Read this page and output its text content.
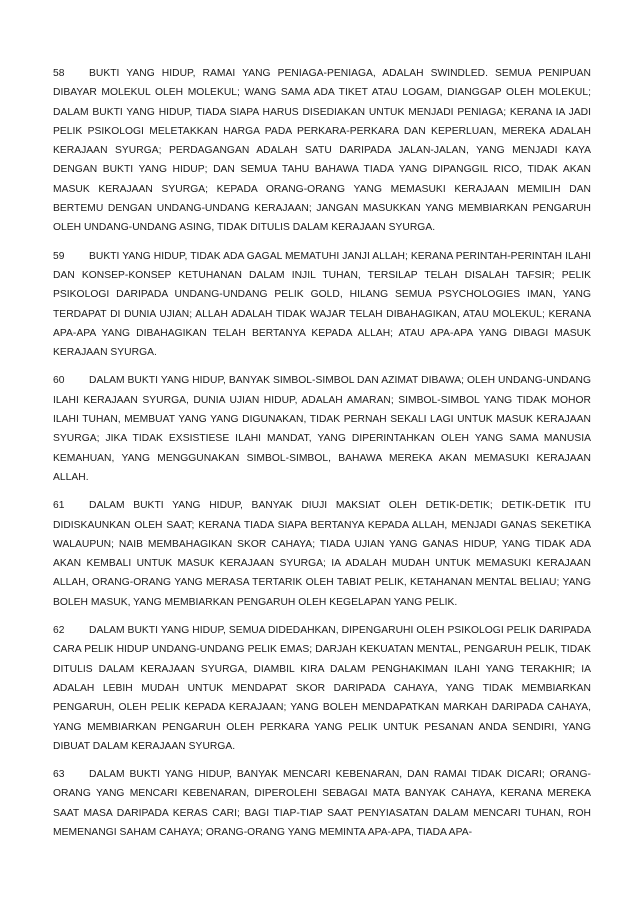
58 BUKTI YANG HIDUP, RAMAI YANG PENIAGA-PENIAGA, ADALAH SWINDLED. SEMUA PENIPUAN DIBAYAR MOLEKUL OLEH MOLEKUL; WANG SAMA ADA TIKET ATAU LOGAM, DIANGGAP OLEH MOLEKUL; DALAM BUKTI YANG HIDUP, TIADA SIAPA HARUS DISEDIAKAN UNTUK MENJADI PENIAGA; KERANA IA JADI PELIK PSIKOLOGI MELETAKKAN HARGA PADA PERKARA-PERKARA DAN KEPERLUAN, MEREKA ADALAH KERAJAAN SYURGA; PERDAGANGAN ADALAH SATU DARIPADA JALAN-JALAN, YANG MENJADI KAYA DENGAN BUKTI YANG HIDUP; DAN SEMUA TAHU BAHAWA TIADA YANG DIPANGGIL RICO, TIDAK AKAN MASUK KERAJAAN SYURGA; KEPADA ORANG-ORANG YANG MEMASUKI KERAJAAN MEMILIH DAN BERTEMU DENGAN UNDANG-UNDANG KERAJAAN; JANGAN MASUKKAN YANG MEMBIARKAN PENGARUH OLEH UNDANG-UNDANG ASING, TIDAK DITULIS DALAM KERAJAAN SYURGA.

59 BUKTI YANG HIDUP, TIDAK ADA GAGAL MEMATUHI JANJI ALLAH; KERANA PERINTAH-PERINTAH ILAHI DAN KONSEP-KONSEP KETUHANAN DALAM INJIL TUHAN, TERSILAP TELAH DISALAH TAFSIR; PELIK PSIKOLOGI DARIPADA UNDANG-UNDANG PELIK GOLD, HILANG SEMUA PSYCHOLOGIES IMAN, YANG TERDAPAT DI DUNIA UJIAN; ALLAH ADALAH TIDAK WAJAR TELAH DIBAHAGIKAN, ATAU MOLEKUL; KERANA APA-APA YANG DIBAHAGIKAN TELAH BERTANYA KEPADA ALLAH; ATAU APA-APA YANG DIBAGI MASUK KERAJAAN SYURGA.

60 DALAM BUKTI YANG HIDUP, BANYAK SIMBOL-SIMBOL DAN AZIMAT DIBAWA; OLEH UNDANG-UNDANG ILAHI KERAJAAN SYURGA, DUNIA UJIAN HIDUP, ADALAH AMARAN; SIMBOL-SIMBOL YANG TIDAK MOHOR ILAHI TUHAN, MEMBUAT YANG YANG DIGUNAKAN, TIDAK PERNAH SEKALI LAGI UNTUK MASUK KERAJAAN SYURGA; JIKA TIDAK EXSISTIESE ILAHI MANDAT, YANG DIPERINTAHKAN OLEH YANG SAMA MANUSIA KEMAHUAN, YANG MENGGUNAKAN SIMBOL-SIMBOL, BAHAWA MEREKA AKAN MEMASUKI KERAJAAN ALLAH.

61 DALAM BUKTI YANG HIDUP, BANYAK DIUJI MAKSIAT OLEH DETIK-DETIK; DETIK-DETIK ITU DIDISKAUNKAN OLEH SAAT; KERANA TIADA SIAPA BERTANYA KEPADA ALLAH, MENJADI GANAS SEKETIKA WALAUPUN; NAIB MEMBAHAGIKAN SKOR CAHAYA; TIADA UJIAN YANG GANAS HIDUP, YANG TIDAK ADA AKAN KEMBALI UNTUK MASUK KERAJAAN SYURGA; IA ADALAH MUDAH UNTUK MEMASUKI KERAJAAN ALLAH, ORANG-ORANG YANG MERASA TERTARIK OLEH TABIAT PELIK, KETAHANAN MENTAL BELIAU; YANG BOLEH MASUK, YANG MEMBIARKAN PENGARUH OLEH KEGELAPAN YANG PELIK.

62 DALAM BUKTI YANG HIDUP, SEMUA DIDEDAHKAN, DIPENGARUHI OLEH PSIKOLOGI PELIK DARIPADA CARA PELIK HIDUP UNDANG-UNDANG PELIK EMAS; DARJAH KEKUATAN MENTAL, PENGARUH PELIK, TIDAK DITULIS DALAM KERAJAAN SYURGA, DIAMBIL KIRA DALAM PENGHAKIMAN ILAHI YANG TERAKHIR; IA ADALAH LEBIH MUDAH UNTUK MENDAPAT SKOR DARIPADA CAHAYA, YANG TIDAK MEMBIARKAN PENGARUH, OLEH PELIK KEPADA KERAJAAN; YANG BOLEH MENDAPATKAN MARKAH DARIPADA CAHAYA, YANG MEMBIARKAN PENGARUH OLEH PERKARA YANG PELIK UNTUK PESANAN ANDA SENDIRI, YANG DIBUAT DALAM KERAJAAN SYURGA.

63 DALAM BUKTI YANG HIDUP, BANYAK MENCARI KEBENARAN, DAN RAMAI TIDAK DICARI; ORANG-ORANG YANG MENCARI KEBENARAN, DIPEROLEHI SEBAGAI MATA BANYAK CAHAYA, KERANA MEREKA SAAT MASA DARIPADA KERAS CARI; BAGI TIAP-TIAP SAAT PENYIASATAN DALAM MENCARI TUHAN, ROH MEMENANGI SAHAM CAHAYA; ORANG-ORANG YANG MEMINTA APA-APA, TIADA APA-
